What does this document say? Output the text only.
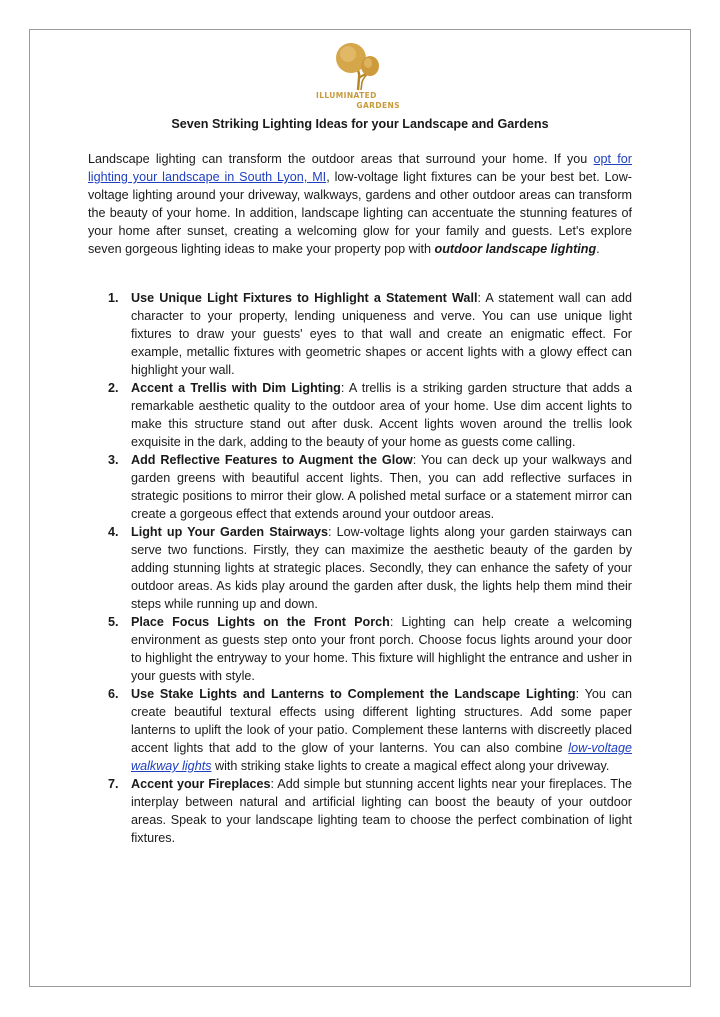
ILLUMINATED
GARDENS
Seven Striking Lighting Ideas for your Landscape and Gardens

Landscape lighting can transform the outdoor areas that surround your home. If you opt for lighting your landscape in South Lyon, MI, low-voltage light fixtures can be your best bet. Low-voltage lighting around your driveway, walkways, gardens and other outdoor areas can transform the beauty of your home. In addition, landscape lighting can accentuate the stunning features of your home after sunset, creating a welcoming glow for your family and guests. Let's explore seven gorgeous lighting ideas to make your property pop with outdoor landscape lighting.

1. Use Unique Light Fixtures to Highlight a Statement Wall: A statement wall can add character to your property, lending uniqueness and verve. You can use unique light fixtures to draw your guests' eyes to that wall and create an enigmatic effect. For example, metallic fixtures with geometric shapes or accent lights with a glowy effect can highlight your wall.
2. Accent a Trellis with Dim Lighting: A trellis is a striking garden structure that adds a remarkable aesthetic quality to the outdoor area of your home. Use dim accent lights to make this structure stand out after dusk. Accent lights woven around the trellis look exquisite in the dark, adding to the beauty of your home as guests come calling.
3. Add Reflective Features to Augment the Glow: You can deck up your walkways and garden greens with beautiful accent lights. Then, you can add reflective surfaces in strategic positions to mirror their glow. A polished metal surface or a statement mirror can create a gorgeous effect that extends around your outdoor areas.
4. Light up Your Garden Stairways: Low-voltage lights along your garden stairways can serve two functions. Firstly, they can maximize the aesthetic beauty of the garden by adding stunning lights at strategic places. Secondly, they can enhance the safety of your outdoor areas. As kids play around the garden after dusk, the lights help them mind their steps while running up and down.
5. Place Focus Lights on the Front Porch: Lighting can help create a welcoming environment as guests step onto your front porch. Choose focus lights around your door to highlight the entryway to your home. This fixture will highlight the entrance and usher in your guests with style.
6. Use Stake Lights and Lanterns to Complement the Landscape Lighting: You can create beautiful textural effects using different lighting structures. Add some paper lanterns to uplift the look of your patio. Complement these lanterns with discreetly placed accent lights that add to the glow of your lanterns. You can also combine low-voltage walkway lights with striking stake lights to create a magical effect along your driveway.
7. Accent your Fireplaces: Add simple but stunning accent lights near your fireplaces. The interplay between natural and artificial lighting can boost the beauty of your outdoor areas. Speak to your landscape lighting team to choose the perfect combination of light fixtures.
